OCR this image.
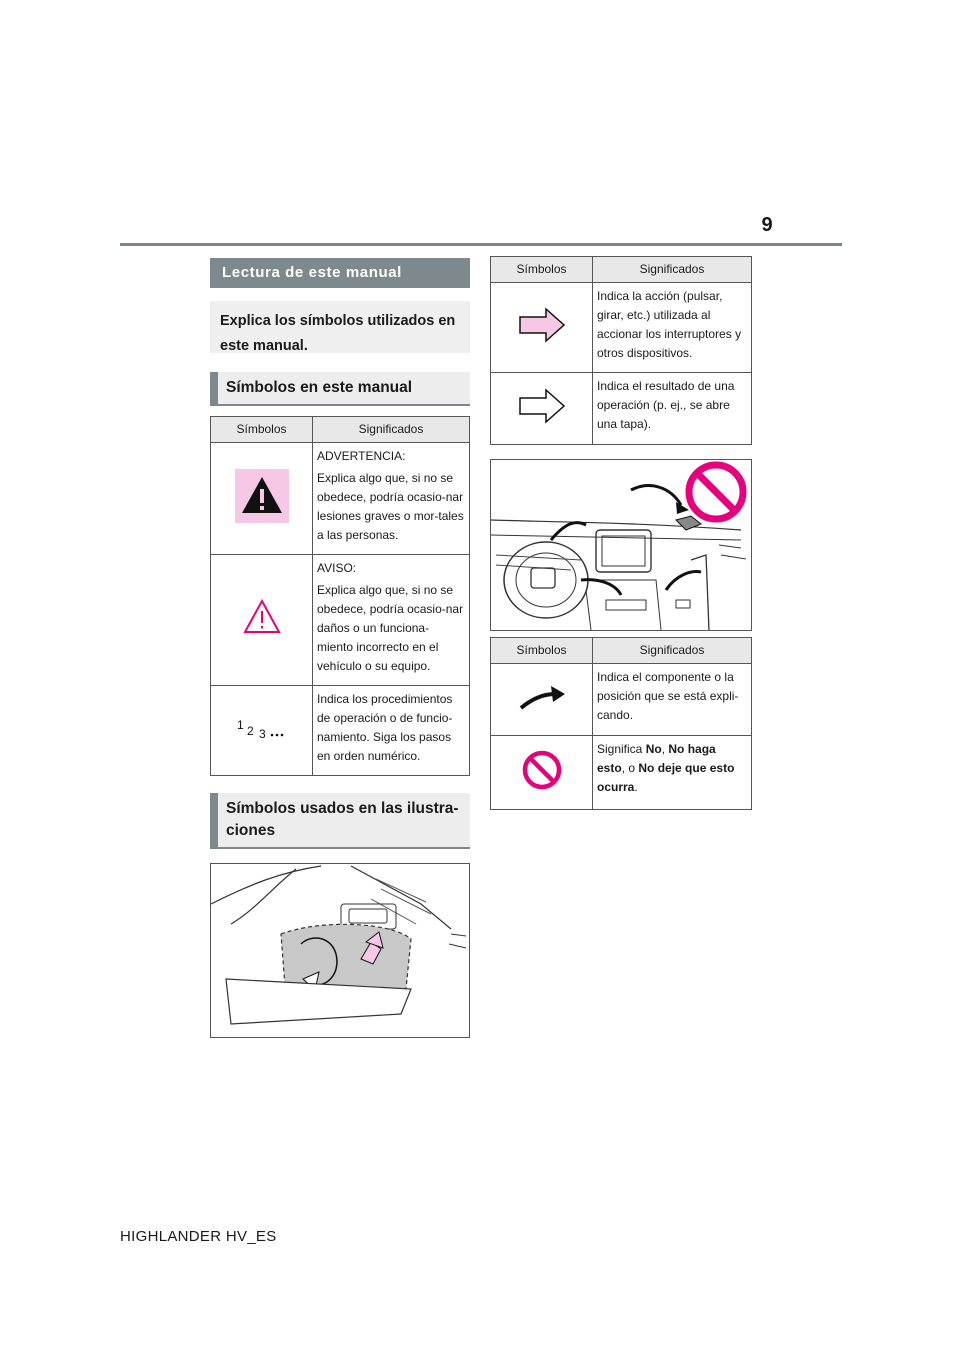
9
Lectura de este manual
Explica los símbolos utilizados en este manual.
Símbolos en este manual
Símbolos	Significados

ADVERTENCIA:

Explica algo que, si no se obedece, podría ocasio-nar lesiones graves o mor-tales a las personas.

AVISO:

Explica algo que, si no se obedece, podría ocasio-nar daños o un funciona-miento incorrecto en el vehículo o su equipo.

1 2 3	Indica los procedimientos de operación o de funcio-namiento. Siga los pasos en orden numérico.

Símbolos usados en las ilustra-ciones
Símbolos	Significados

Indica la acción (pulsar, girar, etc.) utilizada al accionar los interruptores y otros dispositivos.

Indica el resultado de una operación (p. ej., se abre una tapa).

Símbolos	Significados

Indica el componente o la posición que se está expli-cando.

Significa No, No haga esto, o No deje que esto ocurra.

HIGHLANDER HV_ES
